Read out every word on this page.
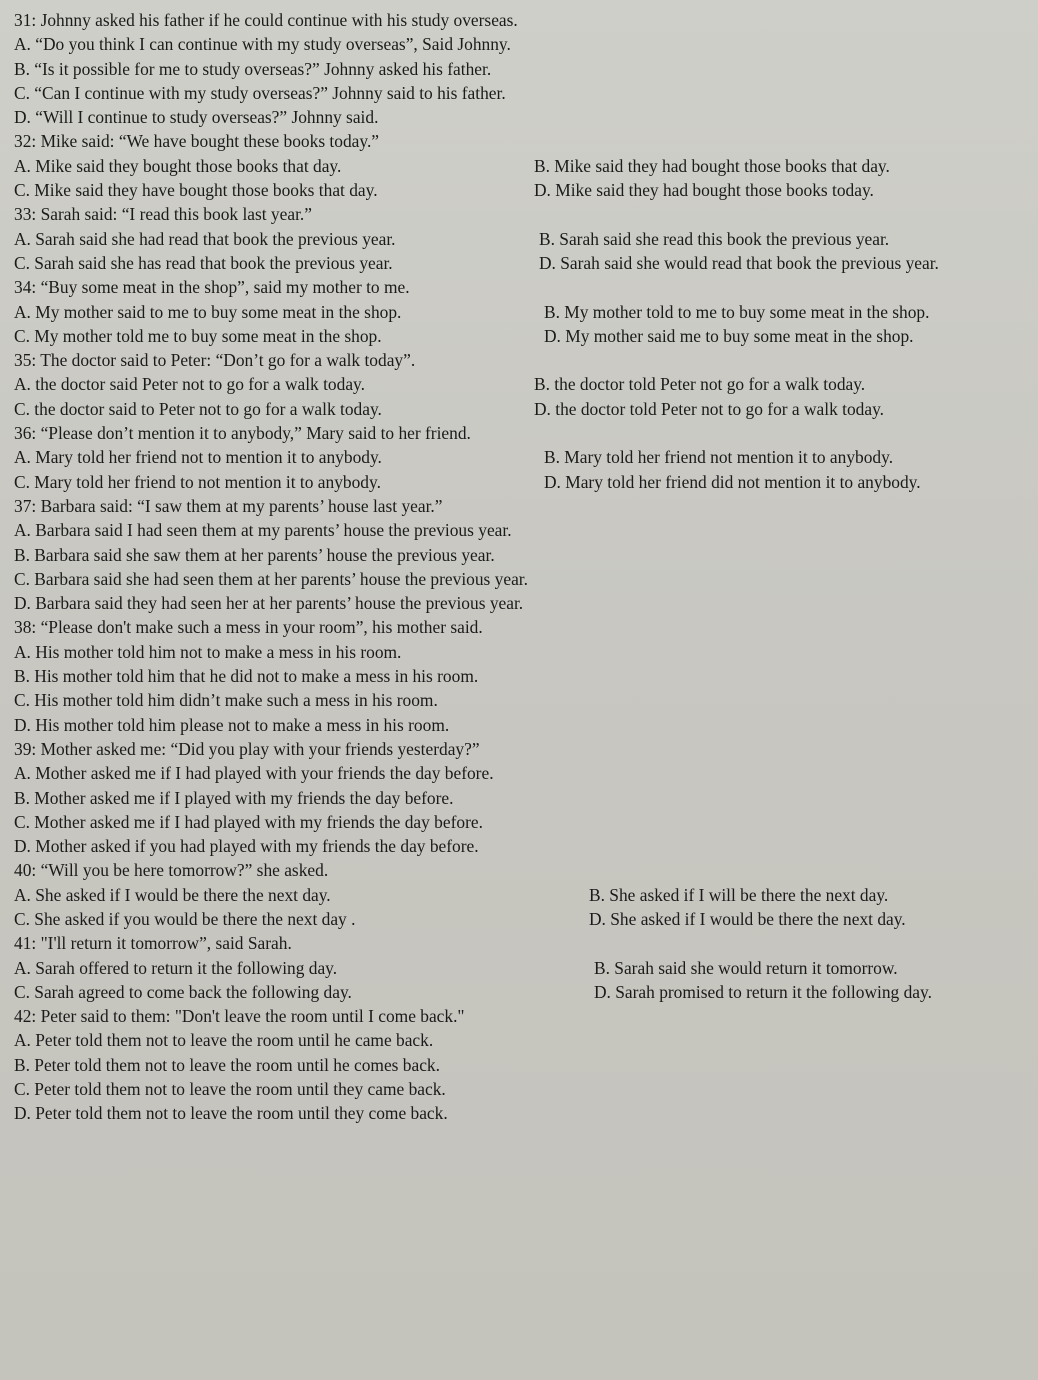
31: Johnny asked his father if he could continue with his study overseas.
A. “Do you think I can continue with my study overseas”, Said Johnny.
B. “Is it possible for me to study overseas?” Johnny asked his father.
C. “Can I continue with my study overseas?” Johnny said to his father.
D. “Will I continue to study overseas?” Johnny said.
32: Mike said: “We have bought these books today.”
A. Mike said they bought those books that day.	B. Mike said they had bought those books that day.
C. Mike said they have bought those books that day.	D. Mike said they had bought those books today.
33: Sarah said: “I read this book last year.”
A. Sarah said she had read that book the previous year.	B. Sarah said she read this book the previous year.
C. Sarah said she has read that book the previous year.	D. Sarah said she would read that book the previous year.
34: “Buy some meat in the shop”, said my mother to me.
A. My mother said to me to buy some meat in the shop.	B. My mother told to me to buy some meat in the shop.
C. My mother told me to buy some meat in the shop.	D. My mother said me to buy some meat in the shop.
35: The doctor said to Peter: “Don’t go for a walk today”.
A. the doctor said Peter not to go for a walk today.	B. the doctor told Peter not go for a walk today.
C. the doctor said to Peter not to go for a walk today.	D. the doctor told Peter not to go for a walk today.
36: “Please don’t mention it to anybody,” Mary said to her friend.
A. Mary told her friend not to mention it to anybody.	B. Mary told her friend not mention it to anybody.
C. Mary told her friend to not mention it to anybody.	D. Mary told her friend did not mention it to anybody.
37: Barbara said: “I saw them at my parents’ house last year.”
A. Barbara said I had seen them at my parents’ house the previous year.
B. Barbara said she saw them at her parents’ house the previous year.
C. Barbara said she had seen them at her parents’ house the previous year.
D. Barbara said they had seen her at her parents’ house the previous year.
38: “Please don't make such a mess in your room”, his mother said.
A. His mother told him not to make a mess in his room.
B. His mother told him that he did not to make a mess in his room.
C. His mother told him didn’t make such a mess in his room.
D. His mother told him please not to make a mess in his room.
39: Mother asked me: “Did you play with your friends yesterday?”
A. Mother asked me if I had played with your friends the day before.
B. Mother asked me if I played with my friends the day before.
C. Mother asked me if I had played with my friends the day before.
D. Mother asked if you had played with my friends the day before.
40: “Will you be here tomorrow?” she asked.
A. She asked if I would be there the next day.	B. She asked if I will be there the next day.
C. She asked if you would be there the next day .	D. She asked if I would be there the next day.
41: "I'll return it tomorrow”, said Sarah.
A. Sarah offered to return it the following day.	B. Sarah said she would return it tomorrow.
C. Sarah agreed to come back the following day.	D. Sarah promised to return it the following day.
42: Peter said to them: "Don't leave the room until I come back."
A. Peter told them not to leave the room until he came back.
B. Peter told them not to leave the room until he comes back.
C. Peter told them not to leave the room until they came back.
D. Peter told them not to leave the room until they come back.
